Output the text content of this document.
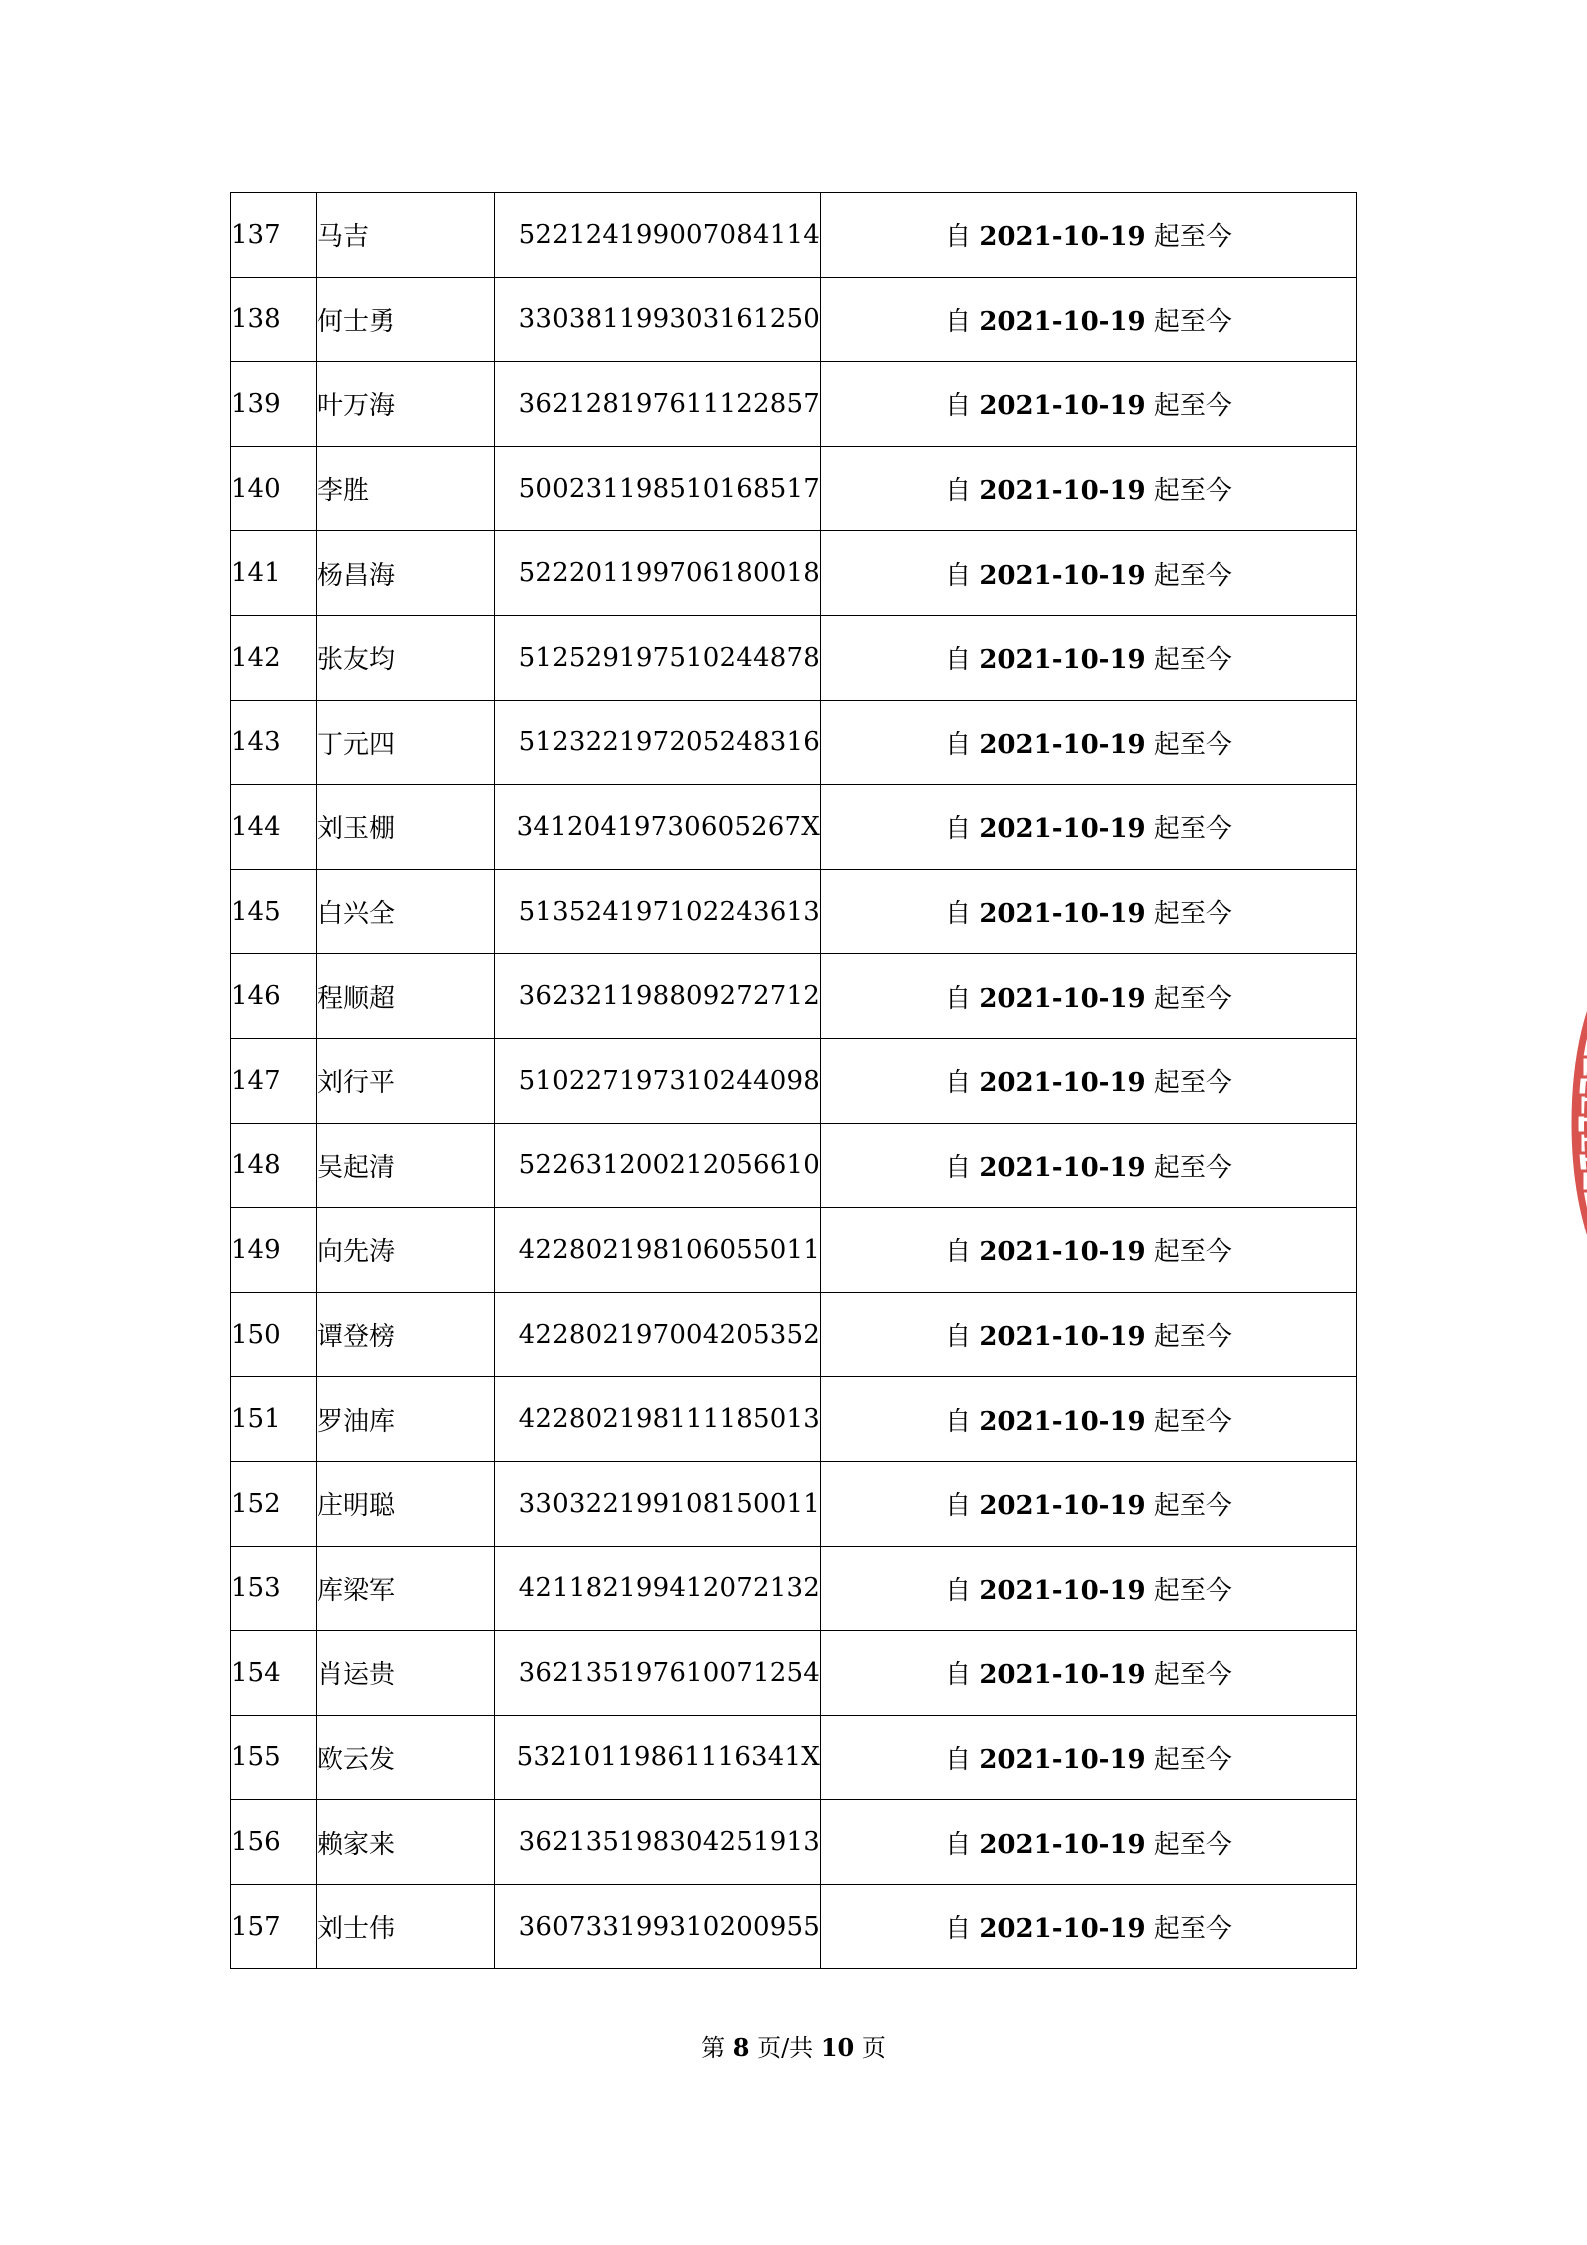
137	马吉	522124199007084114	自 2021-10-19 起至今
138	何士勇	330381199303161250	自 2021-10-19 起至今
139	叶万海	362128197611122857	自 2021-10-19 起至今
140	李胜	500231198510168517	自 2021-10-19 起至今
141	杨昌海	522201199706180018	自 2021-10-19 起至今
142	张友均	512529197510244878	自 2021-10-19 起至今
143	丁元四	512322197205248316	自 2021-10-19 起至今
144	刘玉棚	34120419730605267X	自 2021-10-19 起至今
145	白兴全	513524197102243613	自 2021-10-19 起至今
146	程顺超	362321198809272712	自 2021-10-19 起至今
147	刘行平	510227197310244098	自 2021-10-19 起至今
148	吴起清	522631200212056610	自 2021-10-19 起至今
149	向先涛	422802198106055011	自 2021-10-19 起至今
150	谭登榜	422802197004205352	自 2021-10-19 起至今
151	罗油库	422802198111185013	自 2021-10-19 起至今
152	庄明聪	330322199108150011	自 2021-10-19 起至今
153	库梁军	421182199412072132	自 2021-10-19 起至今
154	肖运贵	362135197610071254	自 2021-10-19 起至今
155	欧云发	53210119861116341X	自 2021-10-19 起至今
156	赖家来	362135198304251913	自 2021-10-19 起至今
157	刘士伟	360733199310200955	自 2021-10-19 起至今
第 8 页/共 10 页
